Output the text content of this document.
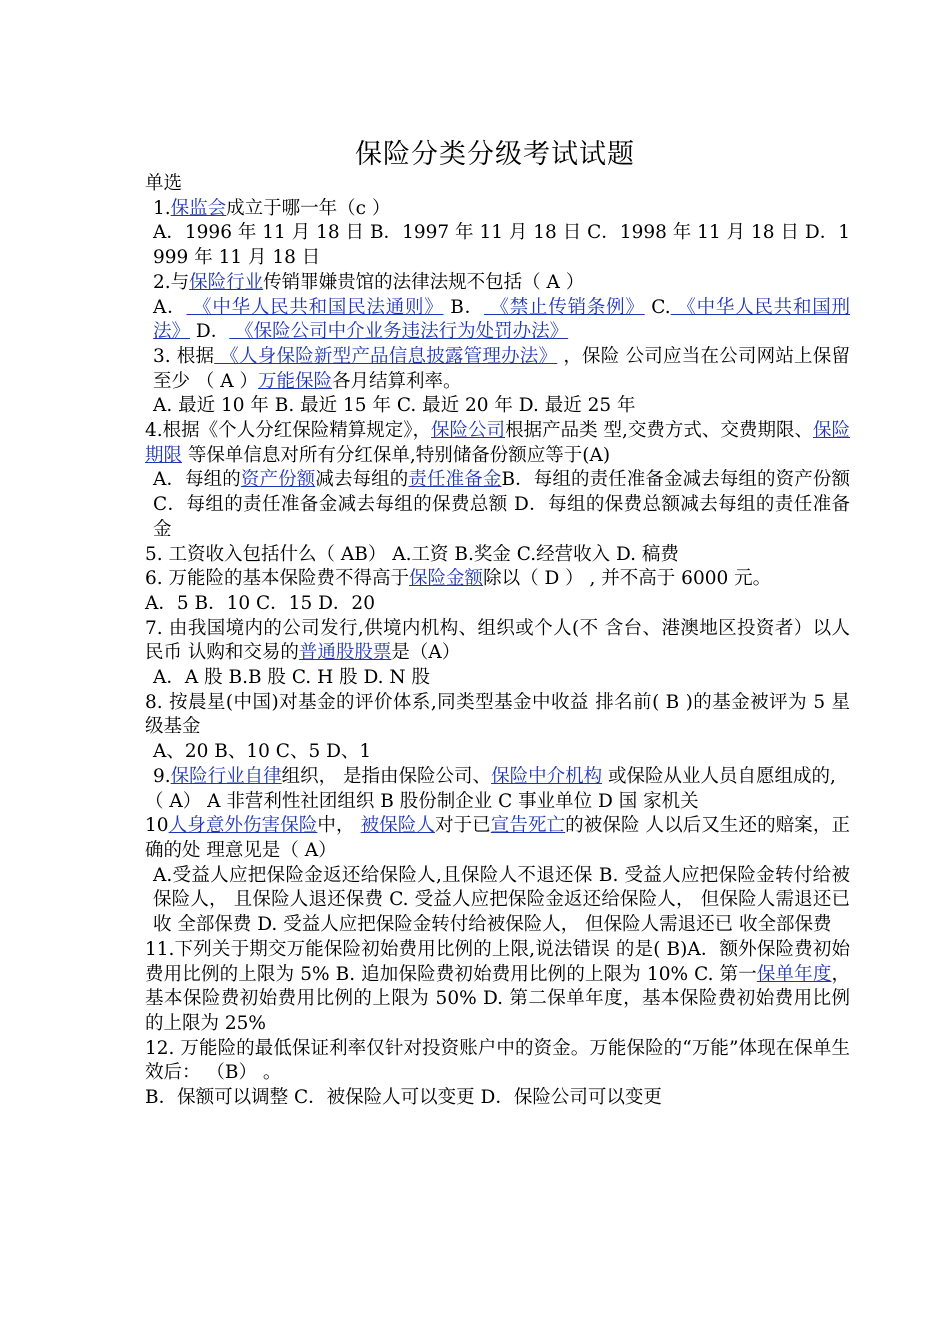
保险分类分级考试试题

单选

1.保监会成立于哪一年（c ）

A．1996 年 11 月 18 日 B．1997 年 11 月 18 日 C．1998 年 11 月 18 日 D．1999 年 11 月 18 日

2.与保险行业传销罪嫌贵馆的法律法规不包括（ A ）

A． 《中华人民共和国民法通则》 B． 《禁止传销条例》 C. 《中华人民共和国刑法》 D． 《保险公司中介业务违法行为处罚办法》

3. 根据 《人身保险新型产品信息披露管理办法》 ，保险 公司应当在公司网站上保留至少 （ A ）万能保险各月结算利率。

A. 最近 10 年 B. 最近 15 年 C. 最近 20 年 D. 最近 25 年

4.根据《个人分红保险精算规定》，保险公司根据产品类 型,交费方式、交费期限、保险期限 等保单信息对所有分红保单,特别储备份额应等于(A)

A．每组的资产份额减去每组的责任准备金B．每组的责任准备金减去每组的资产份额 C．每组的责任准备金减去每组的保费总额 D．每组的保费总额减去每组的责任准备金

5. 工资收入包括什么（ AB） A.工资 B.奖金 C.经营收入 D. 稿费

6. 万能险的基本保险费不得高于保险金额除以（ D ） , 并不高于 6000 元。

A．5 B．10 C．15 D．20

7. 由我国境内的公司发行,供境内机构、组织或个人(不 含台、港澳地区投资者）以人民币 认购和交易的普通股股票是（A）

A．A 股 B.B 股 C. H 股 D. N 股

8. 按晨星(中国)对基金的评价体系,同类型基金中收益 排名前( B )的基金被评为 5 星级基金

A、20 B、10 C、5 D、1

9.保险行业自律组织， 是指由保险公司、保险中介机构 或保险从业人员自愿组成的,

（ A） A 非营利性社团组织 B 股份制企业 C 事业单位 D 国 家机关

10人身意外伤害保险中， 被保险人对于已宣告死亡的被保险 人以后又生还的赔案，正确的处 理意见是（ A）

A.受益人应把保险金返还给保险人,且保险人不退还保 B. 受益人应把保险金转付给被保险人， 且保险人退还保费 C. 受益人应把保险金返还给保险人， 但保险人需退还已收 全部保费 D. 受益人应把保险金转付给被保险人， 但保险人需退还已 收全部保费

11.下列关于期交万能保险初始费用比例的上限,说法错误 的是( B)A．额外保险费初始费用比例的上限为 5% B. 追加保险费初始费用比例的上限为 10% C. 第一保单年度，基本保险费初始费用比例的上限为 50% D. 第二保单年度，基本保险费初始费用比例的上限为 25%

12. 万能险的最低保证利率仅针对投资账户中的资金。万能保险的“万能”体现在保单生效后： （B） 。

B．保额可以调整 C．被保险人可以变更 D．保险公司可以变更
